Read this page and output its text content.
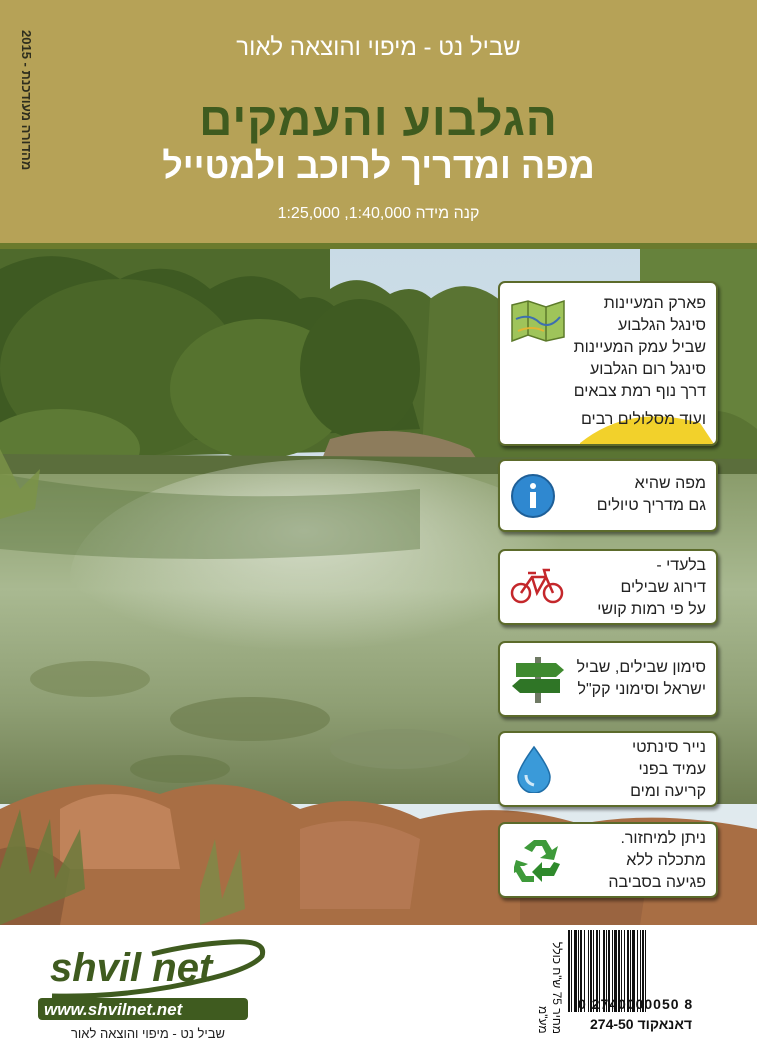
שביל נט - מיפוי והוצאה לאור
הגלבוע והעמקים
מפה ומדריך לרוכב ולמטייל
קנה מידה 1:40,000, 1:25,000
מהדורה מעודכנת - 2015
פארק המעיינות
סינגל הגלבוע
שביל עמק המעיינות
סינגל רום הגלבוע
דרך נוף רמת צבאים
ועוד מסלולים רבים
מפה שהיא
גם מדריך טיולים
בלעדי -
דירוג שבילים
על פי רמות קושי
סימון שבילים, שביל
ישראל וסימוני קק"ל
נייר סינתטי
עמיד בפני
קריעה ומים
ניתן למיחזור.
מתכלה ללא
פגיעה בסביבה
shvil net
www.shvilnet.net
שביל נט - מיפוי והוצאה לאור
מחיר 75 ש"ח כולל מע"מ
0 2740000050 8
דאנאקוד 274-50
